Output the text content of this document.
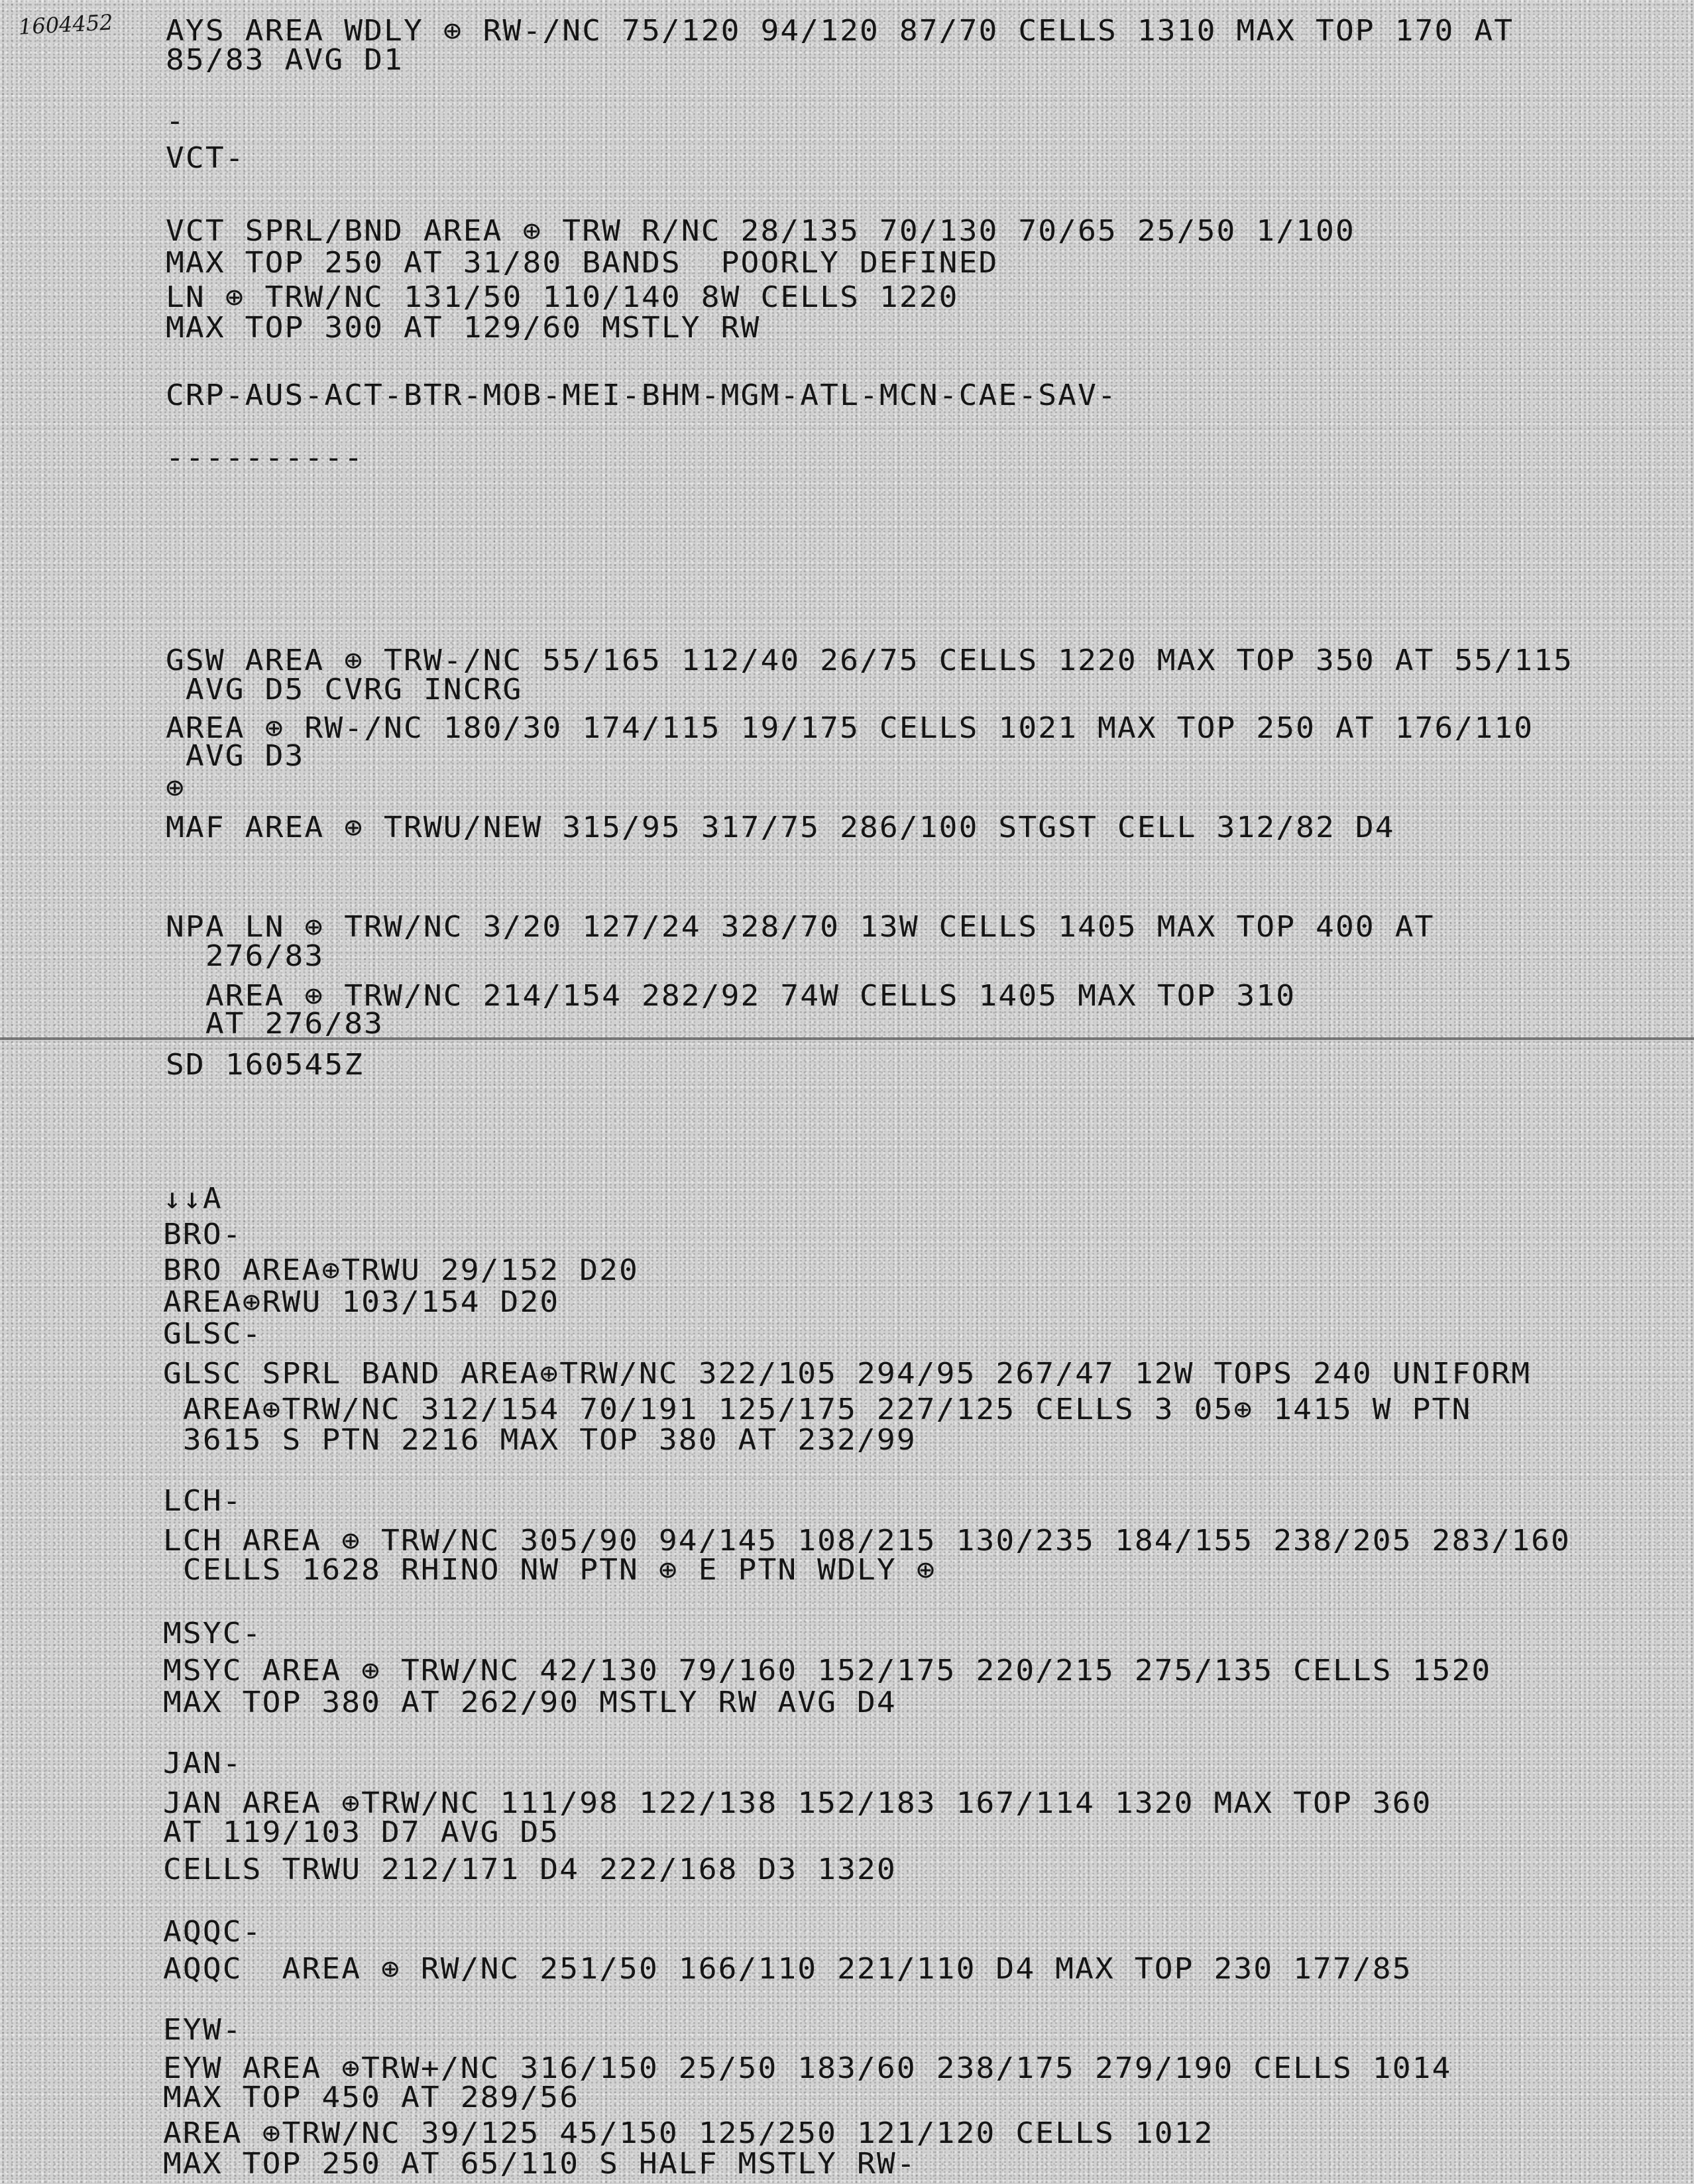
1604452 AYS AREA WDLY ⊕ RW-/NC 75/120 94/120 87/70 CELLS 1310 MAX TOP 170 AT
85/83 AVG D1
-
VCT-
VCT SPRL/BND AREA ⊕ TRW R/NC 28/135 70/130 70/65 25/50 1/100
MAX TOP 250 AT 31/80 BANDS  POORLY DEFINED
LN ⊕ TRW/NC 131/50 110/140 8W CELLS 1220
MAX TOP 300 AT 129/60 MSTLY RW
CRP-AUS-ACT-BTR-MOB-MEI-BHM-MGM-ATL-MCN-CAE-SAV-
----------
GSW AREA ⊕ TRW-/NC 55/165 112/40 26/75 CELLS 1220 MAX TOP 350 AT 55/115
AVG D5 CVRG INCRG
AREA ⊕ RW-/NC 180/30 174/115 19/175 CELLS 1021 MAX TOP 250 AT 176/110
AVG D3
⊕
MAF AREA ⊕ TRWU/NEW 315/95 317/75 286/100 STGST CELL 312/82 D4
NPA LN ⊕ TRW/NC 3/20 127/24 328/70 13W CELLS 1405 MAX TOP 400 AT
276/83
AREA ⊕ TRW/NC 214/154 282/92 74W CELLS 1405 MAX TOP 310
AT 276/83
SD 160545Z
↓↓A
BRO-
BRO AREA⊕TRWU 29/152 D20
AREA⊕RWU 103/154 D20
GLSC-
GLSC SPRL BAND AREA⊕TRW/NC 322/105 294/95 267/47 12W TOPS 240 UNIFORM
AREA⊕TRW/NC 312/154 70/191 125/175 227/125 CELLS 3 05⊕ 1415 W PTN
3615 S PTN 2216 MAX TOP 380 AT 232/99
LCH-
LCH AREA ⊕ TRW/NC 305/90 94/145 108/215 130/235 184/155 238/205 283/160
CELLS 1628 RHINO NW PTN ⊕ E PTN WDLY ⊕
MSYC-
MSYC AREA ⊕ TRW/NC 42/130 79/160 152/175 220/215 275/135 CELLS 1520
MAX TOP 380 AT 262/90 MSTLY RW AVG D4
JAN-
JAN AREA ⊕TRW/NC 111/98 122/138 152/183 167/114 1320 MAX TOP 360
AT 119/103 D7 AVG D5
CELLS TRWU 212/171 D4 222/168 D3 1320
AQQC-
AQQC  AREA ⊕ RW/NC 251/50 166/110 221/110 D4 MAX TOP 230 177/85
EYW-
EYW AREA ⊕TRW+/NC 316/150 25/50 183/60 238/175 279/190 CELLS 1014
MAX TOP 450 AT 289/56
AREA ⊕TRW/NC 39/125 45/150 125/250 121/120 CELLS 1012
MAX TOP 250 AT 65/110 S HALF MSTLY RW-
